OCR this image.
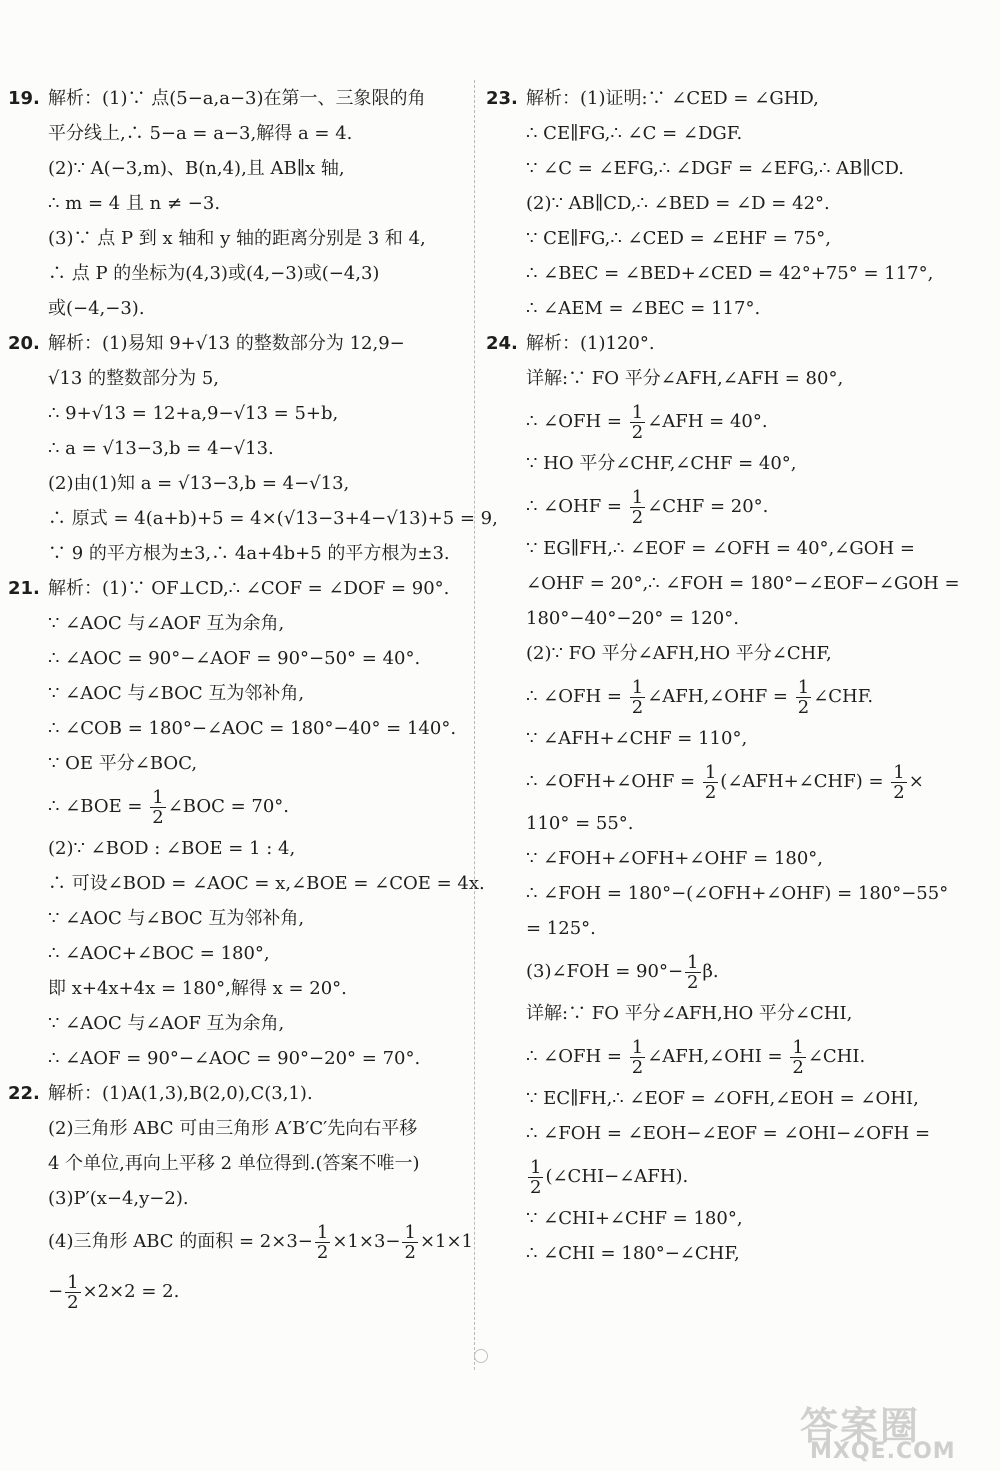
19. 解析：(1)∵ 点(5−a,a−3)在第一、三象限的角
平分线上,∴ 5−a = a−3,解得 a = 4.
(2)∵ A(−3,m)、B(n,4),且 AB∥x 轴,
∴ m = 4 且 n ≠ −3.
(3)∵ 点 P 到 x 轴和 y 轴的距离分别是 3 和 4,
∴ 点 P 的坐标为(4,3)或(4,−3)或(−4,3)
或(−4,−3).
20. 解析：(1)易知 9+√13 的整数部分为 12,9−
√13 的整数部分为 5,
∴ 9+√13 = 12+a,9−√13 = 5+b,
∴ a = √13−3,b = 4−√13.
(2)由(1)知 a = √13−3,b = 4−√13,
∴ 原式 = 4(a+b)+5 = 4×(√13−3+4−√13)+5 = 9,
∵ 9 的平方根为±3,∴ 4a+4b+5 的平方根为±3.
21. 解析：(1)∵ OF⊥CD,∴ ∠COF = ∠DOF = 90°.
∵ ∠AOC 与∠AOF 互为余角,
∴ ∠AOC = 90°−∠AOF = 90°−50° = 40°.
∵ ∠AOC 与∠BOC 互为邻补角,
∴ ∠COB = 180°−∠AOC = 180°−40° = 140°.
∵ OE 平分∠BOC,
∴ ∠BOE = $\frac{1}{2}$ ∠BOC = 70°.
(2)∵ ∠BOD : ∠BOE = 1 : 4,
∴ 可设∠BOD = ∠AOC = x,∠BOE = ∠COE = 4x.
∵ ∠AOC 与∠BOC 互为邻补角,
∴ ∠AOC+∠BOC = 180°,
即 x+4x+4x = 180°,解得 x = 20°.
∵ ∠AOC 与∠AOF 互为余角,
∴ ∠AOF = 90°−∠AOC = 90°−20° = 70°.
22. 解析：(1)A(1,3),B(2,0),C(3,1).
(2)三角形 ABC 可由三角形 A′B′C′先向右平移
4 个单位,再向上平移 2 单位得到.(答案不唯一)
(3)P′(x−4,y−2).
(4)三角形 ABC 的面积 = $2\times 3- \frac{1}{2} \times 1\times 3- \frac{1}{2} \times 1\times 1$
− $\frac{1}{2} \times 2\times 2 = 2$.
23. 解析：(1)证明:∵ ∠CED = ∠GHD,
∴ CE∥FG,∴ ∠C = ∠DGF.
∵ ∠C = ∠EFG,∴ ∠DGF = ∠EFG,∴ AB∥CD.
(2)∵ AB∥CD,∴ ∠BED = ∠D = 42°.
∵ CE∥FG,∴ ∠CED = ∠EHF = 75°,
∴ ∠BEC = ∠BED+∠CED = 42°+75° = 117°,
∴ ∠AEM = ∠BEC = 117°.
24. 解析：(1)120°.
详解:∵ FO 平分∠AFH,∠AFH = 80°,
∴ ∠OFH = $\frac{1}{2}$ ∠AFH = 40°.
∵ HO 平分∠CHF,∠CHF = 40°,
∴ ∠OHF = $\frac{1}{2}$ ∠CHF = 20°.
∵ EG∥FH,∴ ∠EOF = ∠OFH = 40°,∠GOH =
∠OHF = 20°,∴ ∠FOH = 180°−∠EOF−∠GOH =
180°−40°−20° = 120°.
(2)∵ FO 平分∠AFH,HO 平分∠CHF,
∴ ∠OFH = $\frac{1}{2}$ ∠AFH,∠OHF = $\frac{1}{2}$ ∠CHF.
∵ ∠AFH+∠CHF = 110°,
∴ ∠OFH+∠OHF = $\frac{1}{2}$ (∠AFH+∠CHF) = $\frac{1}{2}$ ×
110° = 55°.
∵ ∠FOH+∠OFH+∠OHF = 180°,
∴ ∠FOH = 180°−(∠OFH+∠OHF) = 180°−55°
= 125°.
(3)∠FOH = $90^\circ- \frac{1}{2} \beta$.
详解:∵ FO 平分∠AFH,HO 平分∠CHI,
∴ ∠OFH = $\frac{1}{2}$ ∠AFH,∠OHI = $\frac{1}{2}$ ∠CHI.
∵ EC∥FH,∴ ∠EOF = ∠OFH,∠EOH = ∠OHI,
∴ ∠FOH = ∠EOH−∠EOF = ∠OHI−∠OFH =
$\frac{1}{2}$ (∠CHI−∠AFH).
∵ ∠CHI+∠CHF = 180°,
∴ ∠CHI = 180°−∠CHF,
答案圈
MXQE.COM
